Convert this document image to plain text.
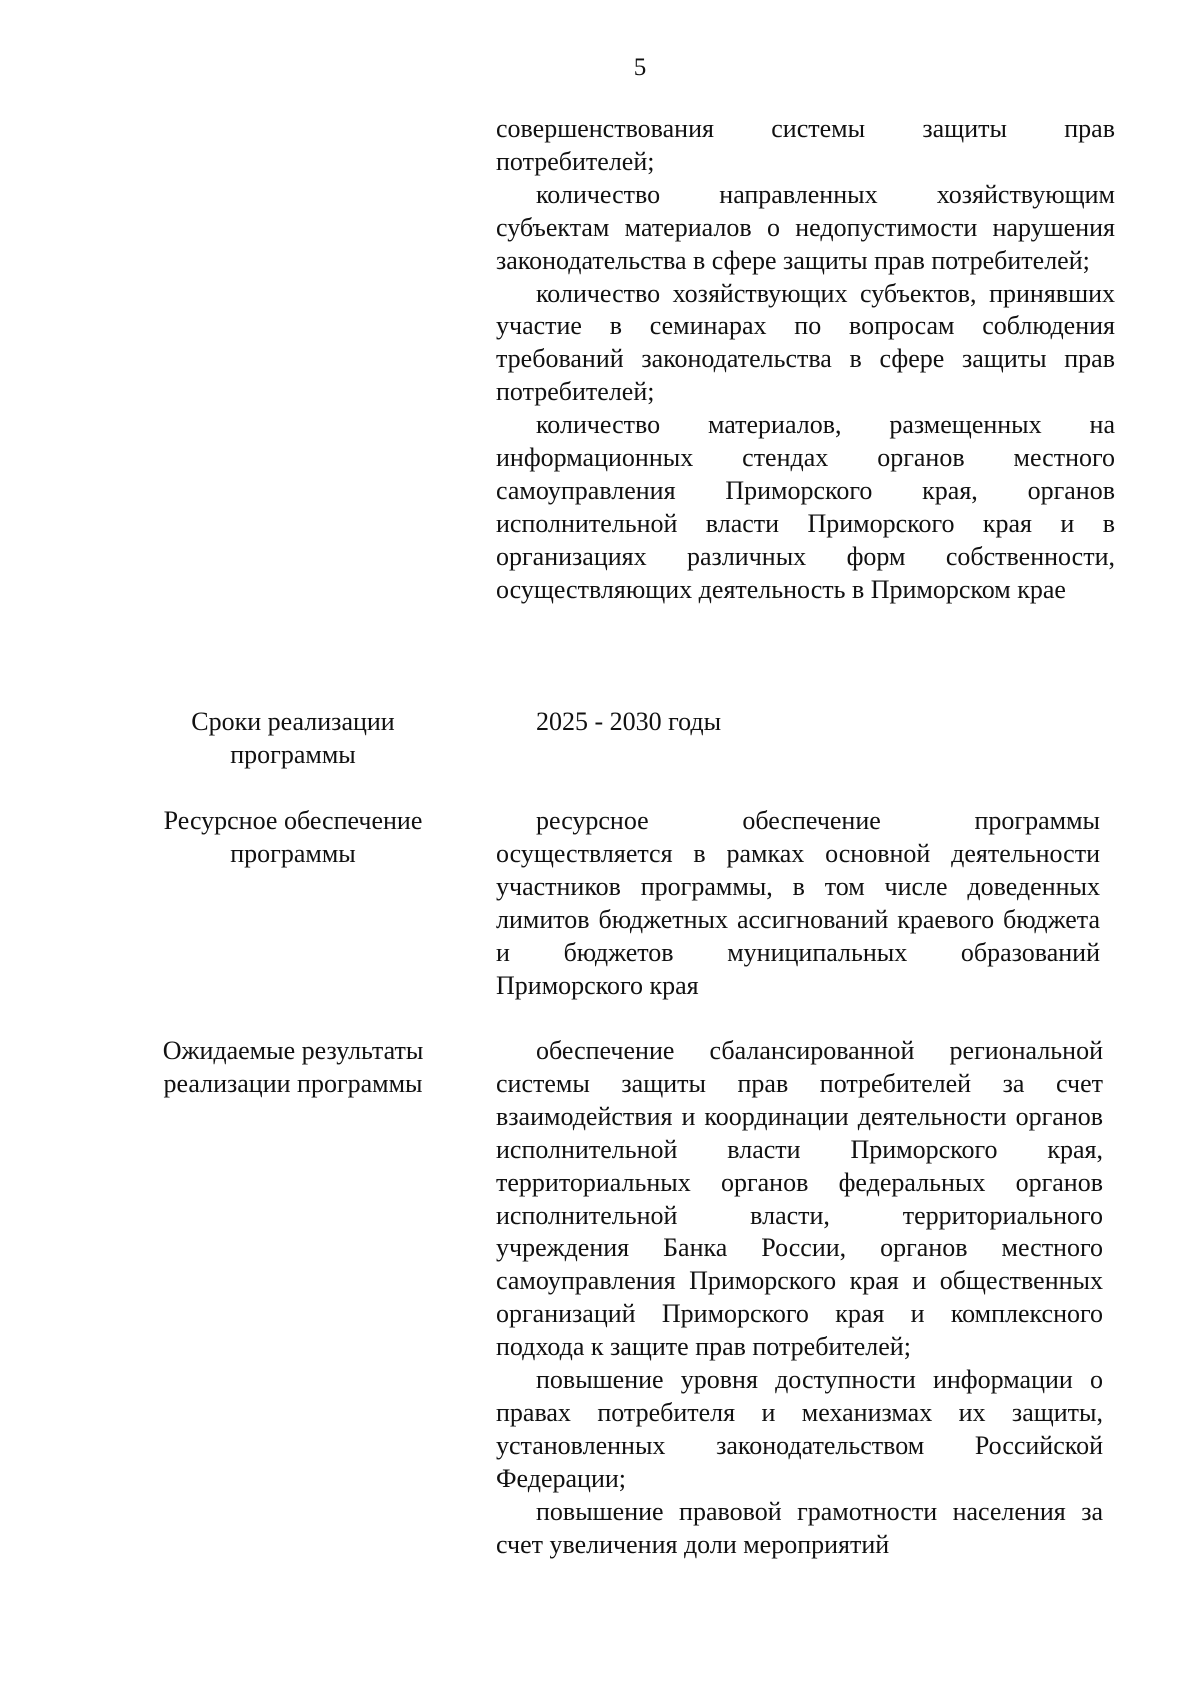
5

совершенствования системы защиты прав потребителей;

количество направленных хозяйствующим субъектам материалов о недопустимости нарушения законодательства в сфере защиты прав потребителей;

количество хозяйствующих субъектов, принявших участие в семинарах по вопросам соблюдения требований законодательства в сфере защиты прав потребителей;

количество материалов, размещенных на информационных стендах органов местного самоуправления Приморского края, органов исполнительной власти Приморского края и в организациях различных форм собственности, осуществляющих деятельность в Приморском крае

Сроки реализации программы

2025 - 2030 годы

Ресурсное обеспечение программы

ресурсное обеспечение программы осуществляется в рамках основной деятельности участников программы, в том числе доведенных лимитов бюджетных ассигнований краевого бюджета и бюджетов муниципальных образований Приморского края

Ожидаемые результаты реализации программы

обеспечение сбалансированной региональной системы защиты прав потребителей за счет взаимодействия и координации деятельности органов исполнительной власти Приморского края, территориальных органов федеральных органов исполнительной власти, территориального учреждения Банка России, органов местного самоуправления Приморского края и общественных организаций Приморского края и комплексного подхода к защите прав потребителей;

повышение уровня доступности информации о правах потребителя и механизмах их защиты, установленных законодательством Российской Федерации;

повышение правовой грамотности населения за счет увеличения доли мероприятий
